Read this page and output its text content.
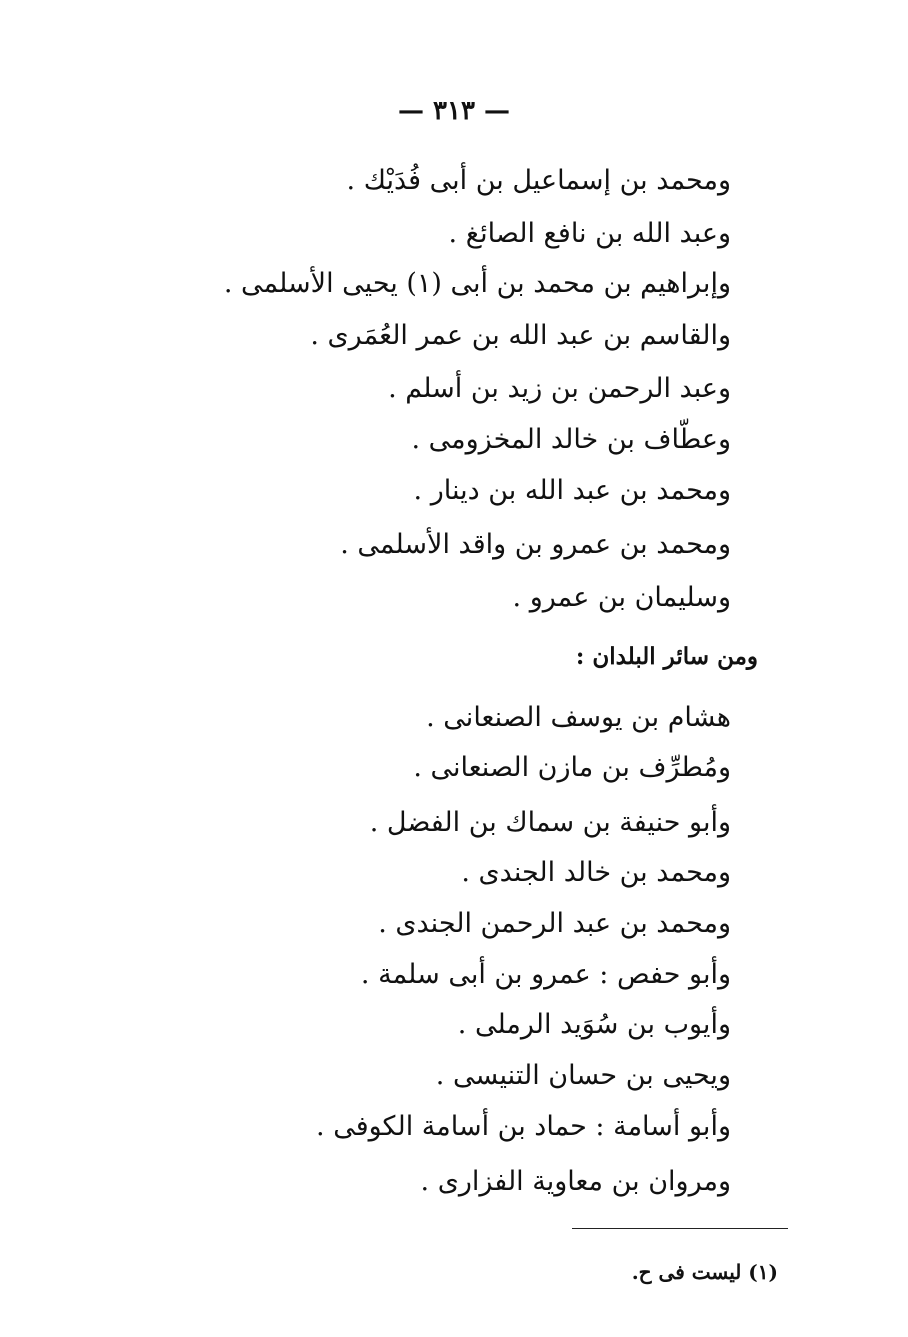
— ٣١٣ —
ومحمد بن إسماعيل بن أبى فُدَيْك .
وعبد الله بن نافع الصائغ .
وإبراهيم بن محمد بن أبى (١) يحيى الأسلمى .
والقاسم بن عبد الله بن عمر العُمَرى .
وعبد الرحمن بن زيد بن أسلم .
وعطّاف بن خالد المخزومى .
ومحمد بن عبد الله بن دينار .
ومحمد بن عمرو بن واقد الأسلمى .
وسليمان بن عمرو .
ومن سائر البلدان :
هشام بن يوسف الصنعانى .
ومُطرِّف بن مازن الصنعانى .
وأبو حنيفة بن سماك بن الفضل .
ومحمد بن خالد الجندى .
ومحمد بن عبد الرحمن الجندى .
وأبو حفص : عمرو بن أبى سلمة .
وأيوب بن سُوَيد الرملى .
ويحيى بن حسان التنيسى .
وأبو أسامة : حماد بن أسامة الكوفى .
ومروان بن معاوية الفزارى .
(١) ليست فى ح.
